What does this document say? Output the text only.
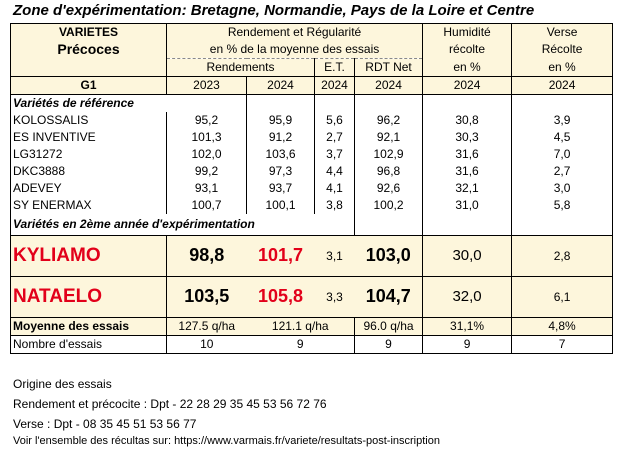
Zone d'expérimentation: Bretagne, Normandie, Pays de la Loire et Centre
VARIETES	Rendement et Régularité				Humidité	Verse
Précoces	en % de la moyenne des essais				récolte	Récolte
	Rendements		E.T.	RDT Net	en %	en %
G1	2023	2024	2024	2024	2024	2024
Variétés de référence						
KOLOSSALIS	95,2	95,9	5,6	96,2	30,8	3,9
ES INVENTIVE	101,3	91,2	2,7	92,1	30,3	4,5
LG31272	102,0	103,6	3,7	102,9	31,6	7,0
DKC3888	99,2	97,3	4,4	96,8	31,6	2,7
ADEVEY	93,1	93,7	4,1	92,6	32,1	3,0
SY ENERMAX	100,7	100,1	3,8	100,2	31,0	5,8
Variétés en 2ème année d'expérimentation						
KYLIAMO	98,8	101,7	3,1	103,0	30,0	2,8
NATAELO	103,5	105,8	3,3	104,7	32,0	6,1
Moyenne des essais	127.5 q/ha	121.1 q/ha		96.0 q/ha	31,1%	4,8%
Nombre d'essais	10	9		9	9	7
Origine des essais
Rendement et précocite : Dpt - 22 28 29 35 45 53 56 72 76
Verse : Dpt - 08 35 45 51 53 56 77
Voir l'ensemble des récultas sur: https://www.varmais.fr/variete/resultats-post-inscription
